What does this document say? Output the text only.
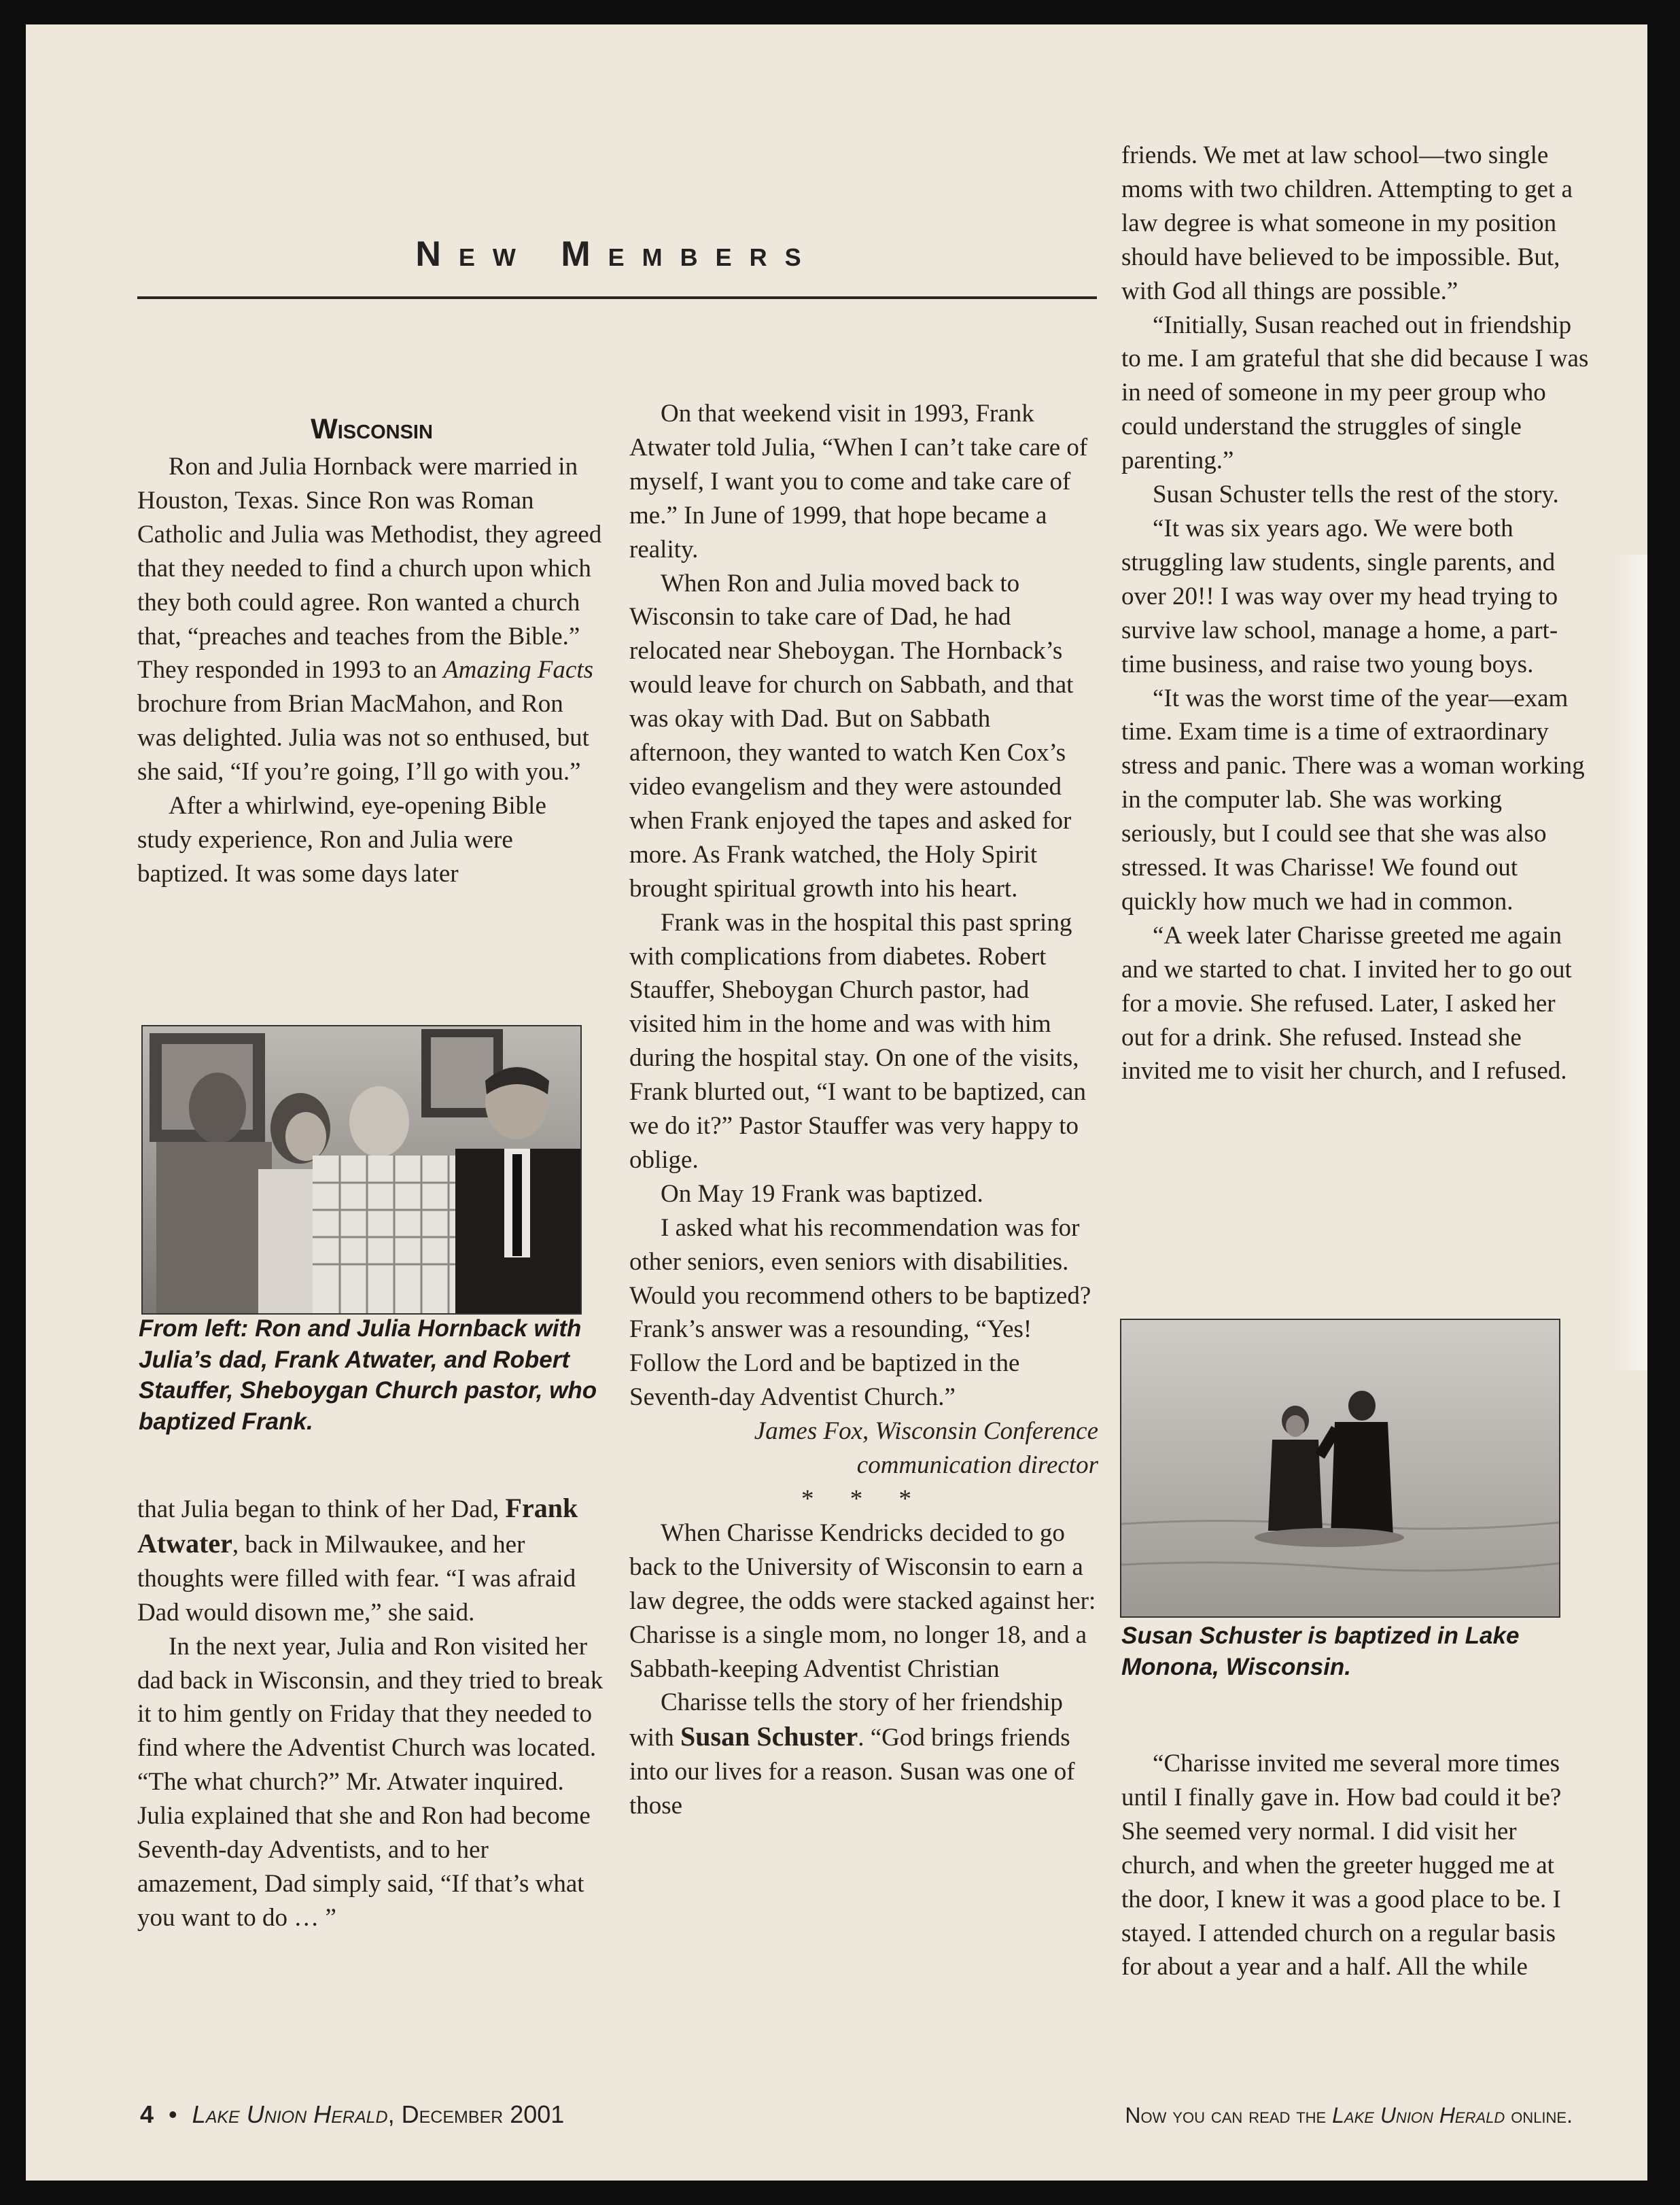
New Members
Wisconsin

Ron and Julia Hornback were married in Houston, Texas. Since Ron was Roman Catholic and Julia was Methodist, they agreed that they needed to find a church upon which they both could agree. Ron wanted a church that, “preaches and teaches from the Bible.” They responded in 1993 to an Amazing Facts brochure from Brian MacMahon, and Ron was delighted. Julia was not so enthused, but she said, “If you’re going, I’ll go with you.”

After a whirlwind, eye-opening Bible study experience, Ron and Julia were baptized. It was some days later

From left: Ron and Julia Hornback with Julia’s dad, Frank Atwater, and Robert Stauffer, Sheboygan Church pastor, who baptized Frank.

that Julia began to think of her Dad, Frank Atwater, back in Milwaukee, and her thoughts were filled with fear. “I was afraid Dad would disown me,” she said.

In the next year, Julia and Ron visited her dad back in Wisconsin, and they tried to break it to him gently on Friday that they needed to find where the Adventist Church was located. “The what church?” Mr. Atwater inquired. Julia explained that she and Ron had become Seventh-day Adventists, and to her amazement, Dad simply said, “If that’s what you want to do … ”

On that weekend visit in 1993, Frank Atwater told Julia, “When I can’t take care of myself, I want you to come and take care of me.” In June of 1999, that hope became a reality.

When Ron and Julia moved back to Wisconsin to take care of Dad, he had relocated near Sheboygan. The Hornback’s would leave for church on Sabbath, and that was okay with Dad. But on Sabbath afternoon, they wanted to watch Ken Cox’s video evangelism and they were astounded when Frank enjoyed the tapes and asked for more. As Frank watched, the Holy Spirit brought spiritual growth into his heart.

Frank was in the hospital this past spring with complications from diabetes. Robert Stauffer, Sheboygan Church pastor, had visited him in the home and was with him during the hospital stay. On one of the visits, Frank blurted out, “I want to be baptized, can we do it?” Pastor Stauffer was very happy to oblige.

On May 19 Frank was baptized.

I asked what his recommendation was for other seniors, even seniors with disabilities. Would you recommend others to be baptized? Frank’s answer was a resounding, “Yes! Follow the Lord and be baptized in the Seventh-day Adventist Church.”

James Fox, Wisconsin Conference communication director

* * *

When Charisse Kendricks decided to go back to the University of Wisconsin to earn a law degree, the odds were stacked against her: Charisse is a single mom, no longer 18, and a Sabbath-keeping Adventist Christian

Charisse tells the story of her friendship with Susan Schuster. “God brings friends into our lives for a reason. Susan was one of those

friends. We met at law school—two single moms with two children. Attempting to get a law degree is what someone in my position should have believed to be impossible. But, with God all things are possible.”

“Initially, Susan reached out in friendship to me. I am grateful that she did because I was in need of someone in my peer group who could understand the struggles of single parenting.”

Susan Schuster tells the rest of the story.

“It was six years ago. We were both struggling law students, single parents, and over 20!! I was way over my head trying to survive law school, manage a home, a part-time business, and raise two young boys.

“It was the worst time of the year—exam time. Exam time is a time of extraordinary stress and panic. There was a woman working in the computer lab. She was working seriously, but I could see that she was also stressed. It was Charisse! We found out quickly how much we had in common.

“A week later Charisse greeted me again and we started to chat. I invited her to go out for a movie. She refused. Later, I asked her out for a drink. She refused. Instead she invited me to visit her church, and I refused.

Susan Schuster is baptized in Lake Monona, Wisconsin.

“Charisse invited me several more times until I finally gave in. How bad could it be? She seemed very normal. I did visit her church, and when the greeter hugged me at the door, I knew it was a good place to be. I stayed. I attended church on a regular basis for about a year and a half. All the while

4 • Lake Union Herald, December 2001	Now you can read the Lake Union Herald online.
